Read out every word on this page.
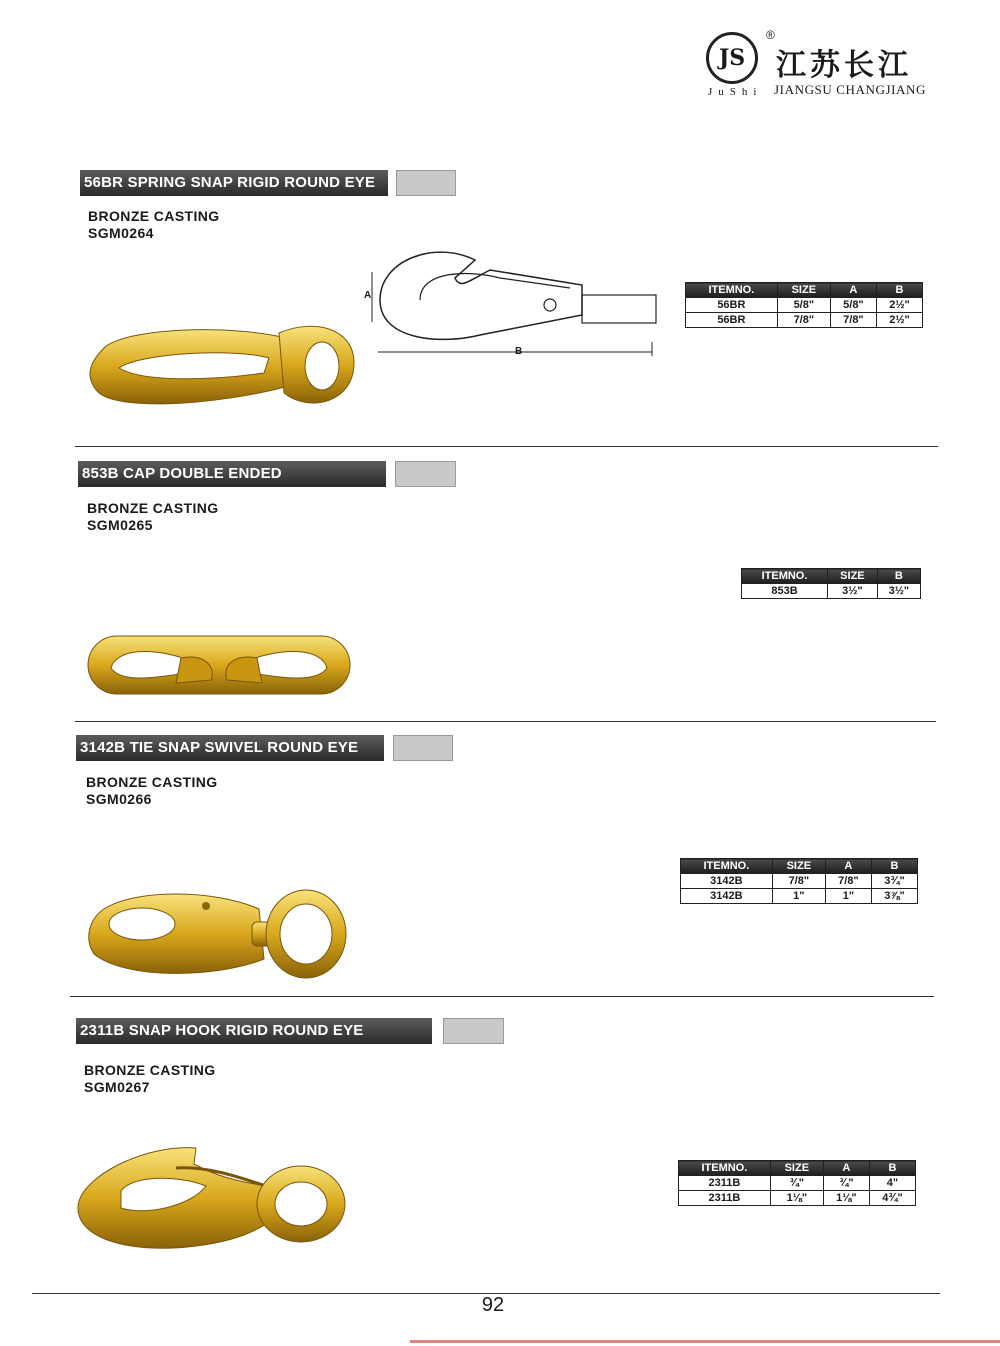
JS
®
江苏长江
JIANGSU CHANGJIANG
JuShi
56BR SPRING SNAP RIGID ROUND EYE
BRONZE CASTING
SGM0264
A
B
ITEMNO.	SIZE	A	B
56BR	5/8"	5/8"	2½"
56BR	7/8"	7/8"	2½"
853B CAP DOUBLE ENDED
BRONZE CASTING
SGM0265
ITEMNO.	SIZE	B
853B	3½"	3½"
3142B TIE SNAP SWIVEL ROUND EYE
BRONZE CASTING
SGM0266
ITEMNO.	SIZE	A	B
3142B	7/8"	7/8"	3¾"
3142B	1"	1"	3⅞"
2311B SNAP HOOK RIGID ROUND EYE
BRONZE CASTING
SGM0267
ITEMNO.	SIZE	A	B
2311B	¾"	¾"	4"
2311B	1⅛"	1⅛"	4¾"
92
